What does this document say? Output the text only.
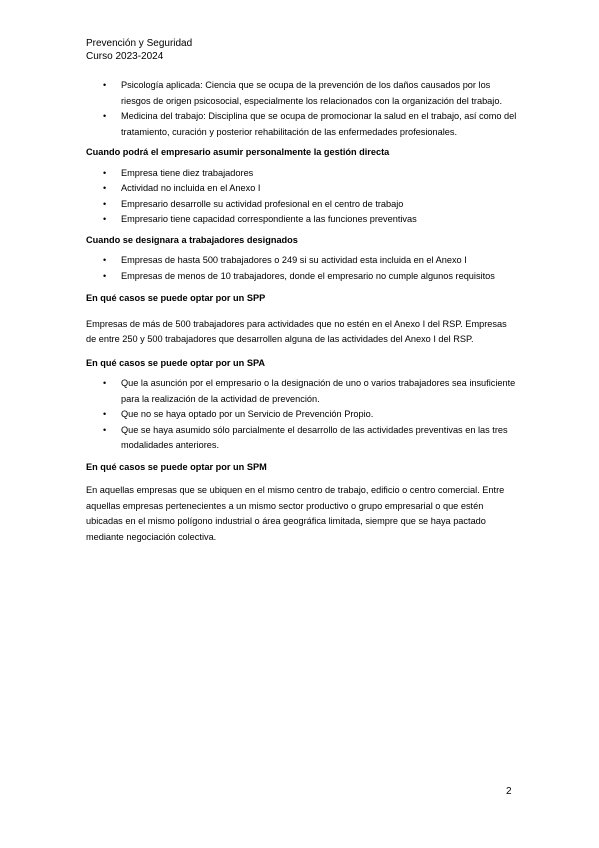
Prevención y Seguridad
Curso 2023-2024
• Psicología aplicada: Ciencia que se ocupa de la prevención de los daños causados por los riesgos de origen psicosocial, especialmente los relacionados con la organización del trabajo.
• Medicina del trabajo: Disciplina que se ocupa de promocionar la salud en el trabajo, así como del tratamiento, curación y posterior rehabilitación de las enfermedades profesionales.

Cuando podrá el empresario asumir personalmente la gestión directa

• Empresa tiene diez trabajadores
• Actividad no incluida en el Anexo I
• Empresario desarrolle su actividad profesional en el centro de trabajo
• Empresario tiene capacidad correspondiente a las funciones preventivas

Cuando se designara a trabajadores designados

• Empresas de hasta 500 trabajadores o 249 si su actividad esta incluida en el Anexo I
• Empresas de menos de 10 trabajadores, donde el empresario no cumple algunos requisitos

En qué casos se puede optar por un SPP

Empresas de más de 500 trabajadores para actividades que no estén en el Anexo I del RSP. Empresas de entre 250 y 500 trabajadores que desarrollen alguna de las actividades del Anexo I del RSP.

En qué casos se puede optar por un SPA

• Que la asunción por el empresario o la designación de uno o varios trabajadores sea insuficiente para la realización de la actividad de prevención.
• Que no se haya optado por un Servicio de Prevención Propio.
• Que se haya asumido sólo parcialmente el desarrollo de las actividades preventivas en las tres modalidades anteriores.

En qué casos se puede optar por un SPM

En aquellas empresas que se ubiquen en el mismo centro de trabajo, edificio o centro comercial. Entre aquellas empresas pertenecientes a un mismo sector productivo o grupo empresarial o que estén ubicadas en el mismo polígono industrial o área geográfica limitada, siempre que se haya pactado mediante negociación colectiva.

2
